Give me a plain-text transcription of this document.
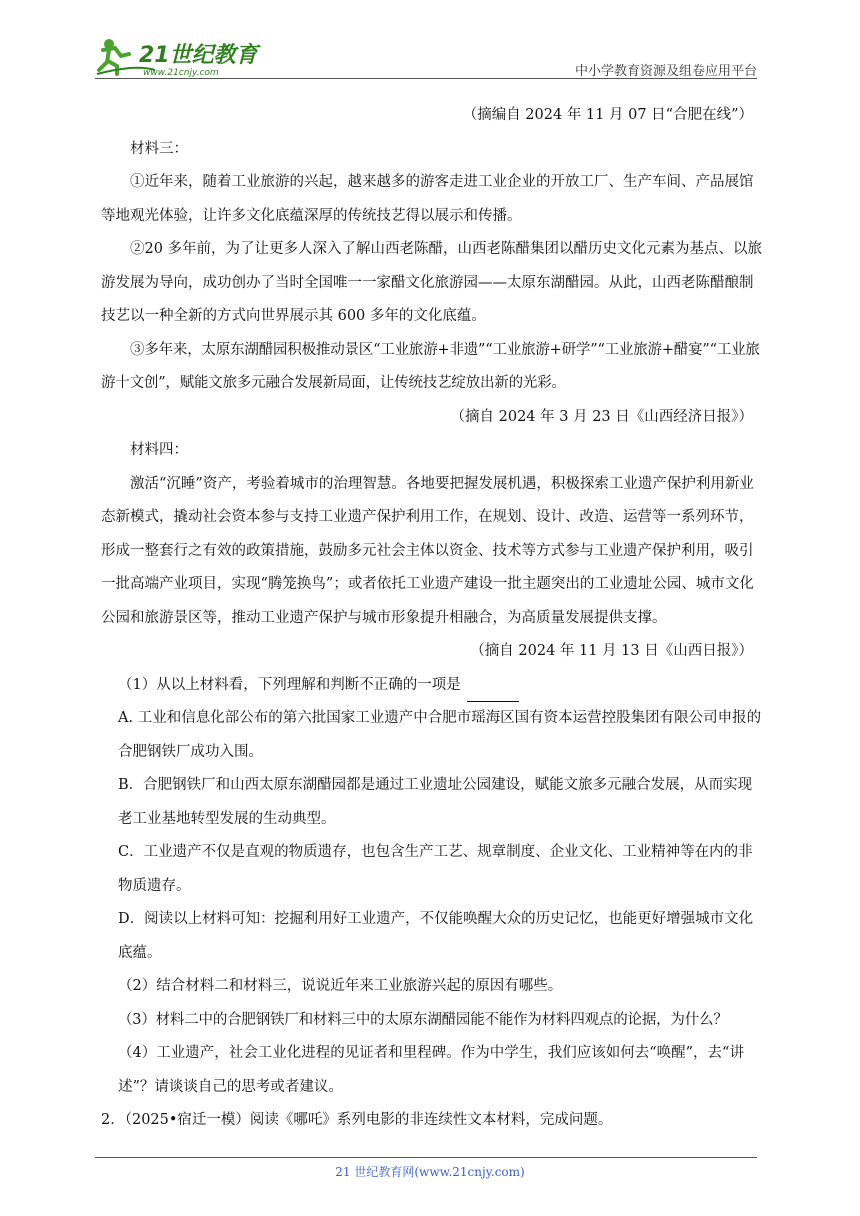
21世纪教育
www.21cnjy.com	中小学教育资源及组卷应用平台

（摘编自 2024 年 11 月 07 日“合肥在线”）

材料三：

①近年来，随着工业旅游的兴起，越来越多的游客走进工业企业的开放工厂、生产车间、产品展馆等地观光体验，让许多文化底蕴深厚的传统技艺得以展示和传播。

②20 多年前，为了让更多人深入了解山西老陈醋，山西老陈醋集团以醋历史文化元素为基点、以旅游发展为导向，成功创办了当时全国唯一一家醋文化旅游园——太原东湖醋园。从此，山西老陈醋酿制技艺以一种全新的方式向世界展示其 600 多年的文化底蕴。

③多年来，太原东湖醋园积极推动景区“工业旅游+非遗”“工业旅游+研学”“工业旅游+醋宴”“工业旅游十文创”，赋能文旅多元融合发展新局面，让传统技艺绽放出新的光彩。

（摘自 2024 年 3 月 23 日《山西经济日报》）

材料四：

激活“沉睡”资产，考验着城市的治理智慧。各地要把握发展机遇，积极探索工业遗产保护利用新业态新模式，撬动社会资本参与支持工业遗产保护利用工作，在规划、设计、改造、运营等一系列环节，形成一整套行之有效的政策措施，鼓励多元社会主体以资金、技术等方式参与工业遗产保护利用，吸引一批高端产业项目，实现“腾笼换鸟”；或者依托工业遗产建设一批主题突出的工业遗址公园、城市文化公园和旅游景区等，推动工业遗产保护与城市形象提升相融合，为高质量发展提供支撑。

（摘自 2024 年 11 月 13 日《山西日报》）

（1）从以上材料看，下列理解和判断不正确的一项是

A. 工业和信息化部公布的第六批国家工业遗产中合肥市瑶海区国有资本运营控股集团有限公司申报的合肥钢铁厂成功入围。

B．合肥钢铁厂和山西太原东湖醋园都是通过工业遗址公园建设，赋能文旅多元融合发展，从而实现老工业基地转型发展的生动典型。

C．工业遗产不仅是直观的物质遗存，也包含生产工艺、规章制度、企业文化、工业精神等在内的非物质遗存。

D．阅读以上材料可知：挖掘利用好工业遗产，不仅能唤醒大众的历史记忆，也能更好增强城市文化底蕴。

（2）结合材料二和材料三，说说近年来工业旅游兴起的原因有哪些。

（3）材料二中的合肥钢铁厂和材料三中的太原东湖醋园能不能作为材料四观点的论据，为什么？

（4）工业遗产，社会工业化进程的见证者和里程碑。作为中学生，我们应该如何去“唤醒”，去“讲述”？请谈谈自己的思考或者建议。

2．（2025•宿迁一模）阅读《哪吒》系列电影的非连续性文本材料，完成问题。

21 世纪教育网(www.21cnjy.com)
